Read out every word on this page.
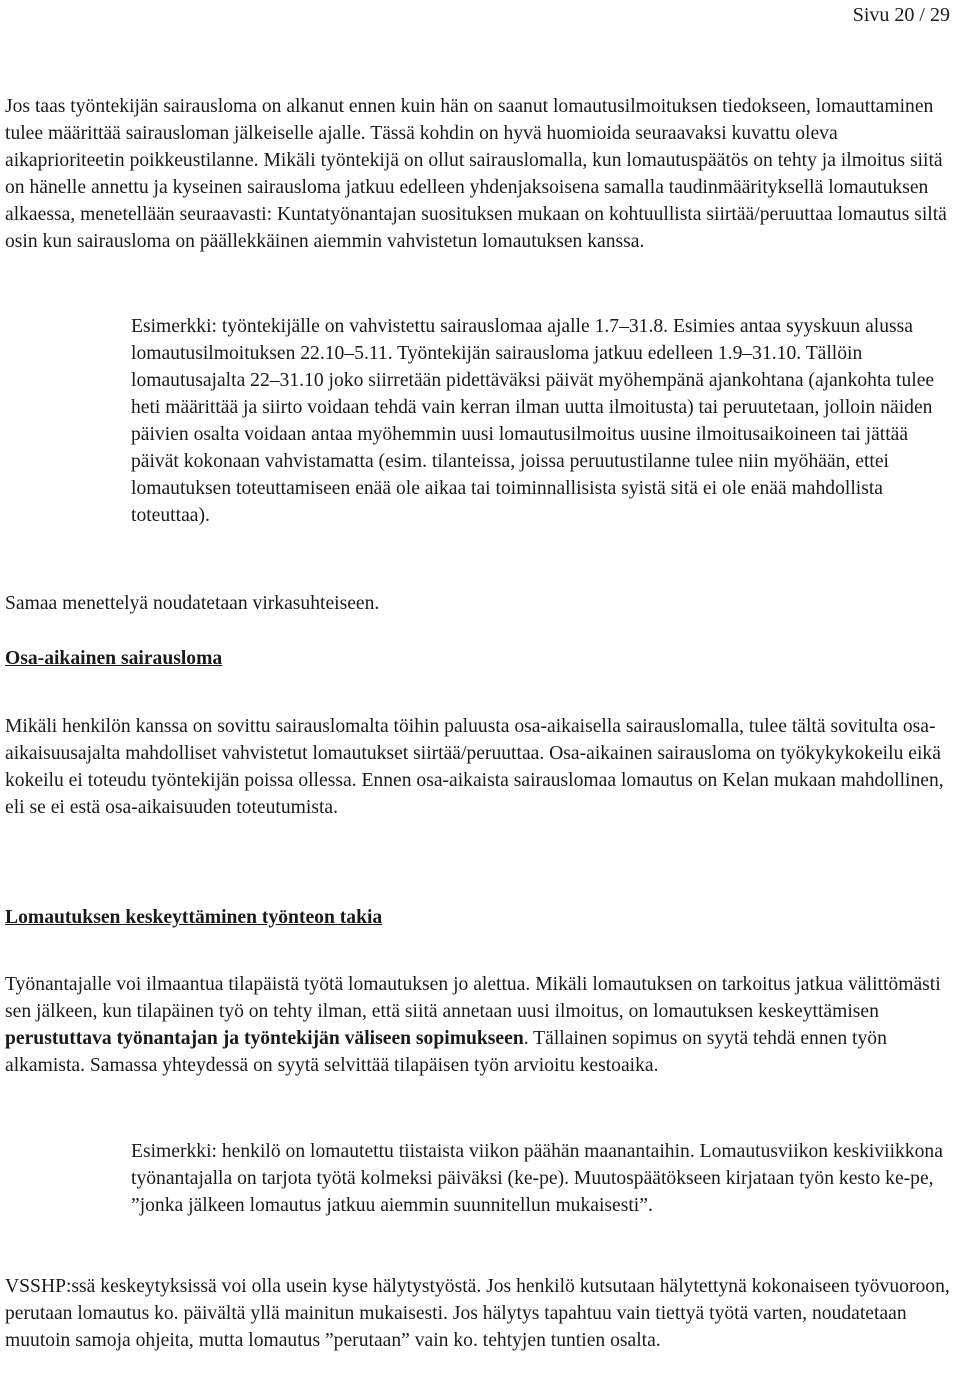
Sivu 20 / 29

Jos taas työntekijän sairausloma on alkanut ennen kuin hän on saanut lomautusilmoituksen tiedokseen, lomauttaminen tulee määrittää sairausloman jälkeiselle ajalle. Tässä kohdin on hyvä huomioida seuraavaksi kuvattu oleva aikaprioriteetin poikkeustilanne. Mikäli työntekijä on ollut sairauslomalla, kun lomautuspäätös on tehty ja ilmoitus siitä on hänelle annettu ja kyseinen sairausloma jatkuu edelleen yhdenjaksoisena samalla taudinmäärityksellä lomautuksen alkaessa, menetellään seuraavasti: Kuntatyönantajan suosituksen mukaan on kohtuullista siirtää/peruuttaa lomautus siltä osin kun sairausloma on päällekkäinen aiemmin vahvistetun lomautuksen kanssa.

Esimerkki: työntekijälle on vahvistettu sairauslomaa ajalle 1.7–31.8. Esimies antaa syyskuun alussa lomautusilmoituksen 22.10–5.11. Työntekijän sairausloma jatkuu edelleen 1.9–31.10. Tällöin lomautusajalta 22–31.10 joko siirretään pidettäväksi päivät myöhempänä ajankohtana (ajankohta tulee heti määrittää ja siirto voidaan tehdä vain kerran ilman uutta ilmoitusta) tai peruutetaan, jolloin näiden päivien osalta voidaan antaa myöhemmin uusi lomautusilmoitus uusine ilmoitusaikoineen tai jättää päivät kokonaan vahvistamatta (esim. tilanteissa, joissa peruutustilanne tulee niin myöhään, ettei lomautuksen toteuttamiseen enää ole aikaa tai toiminnallisista syistä sitä ei ole enää mahdollista toteuttaa).

Samaa menettelyä noudatetaan virkasuhteiseen.

Osa-aikainen sairausloma

Mikäli henkilön kanssa on sovittu sairauslomalta töihin paluusta osa-aikaisella sairauslomalla, tulee tältä sovitulta osa-aikaisuusajalta mahdolliset vahvistetut lomautukset siirtää/peruuttaa. Osa-aikainen sairausloma on työkykykokeilu eikä kokeilu ei toteudu työntekijän poissa ollessa. Ennen osa-aikaista sairauslomaa lomautus on Kelan mukaan mahdollinen, eli se ei estä osa-aikaisuuden toteutumista.

Lomautuksen keskeyttäminen työnteon takia

Työnantajalle voi ilmaantua tilapäistä työtä lomautuksen jo alettua. Mikäli lomautuksen on tarkoitus jatkua välittömästi sen jälkeen, kun tilapäinen työ on tehty ilman, että siitä annetaan uusi ilmoitus, on lomautuksen keskeyttämisen perustuttava työnantajan ja työntekijän väliseen sopimukseen. Tällainen sopimus on syytä tehdä ennen työn alkamista. Samassa yhteydessä on syytä selvittää tilapäisen työn arvioitu kestoaika.

Esimerkki: henkilö on lomautettu tiistaista viikon päähän maanantaihin. Lomautusviikon keskiviikkona työnantajalla on tarjota työtä kolmeksi päiväksi (ke-pe). Muutospäätökseen kirjataan työn kesto ke-pe, ”jonka jälkeen lomautus jatkuu aiemmin suunnitellun mukaisesti”.

VSSHP:ssä keskeytyksissä voi olla usein kyse hälytystyöstä. Jos henkilö kutsutaan hälytettynä kokonaiseen työvuoroon, perutaan lomautus ko. päivältä yllä mainitun mukaisesti. Jos hälytys tapahtuu vain tiettyä työtä varten, noudatetaan muutoin samoja ohjeita, mutta lomautus ”perutaan” vain ko. tehtyjen tuntien osalta.
